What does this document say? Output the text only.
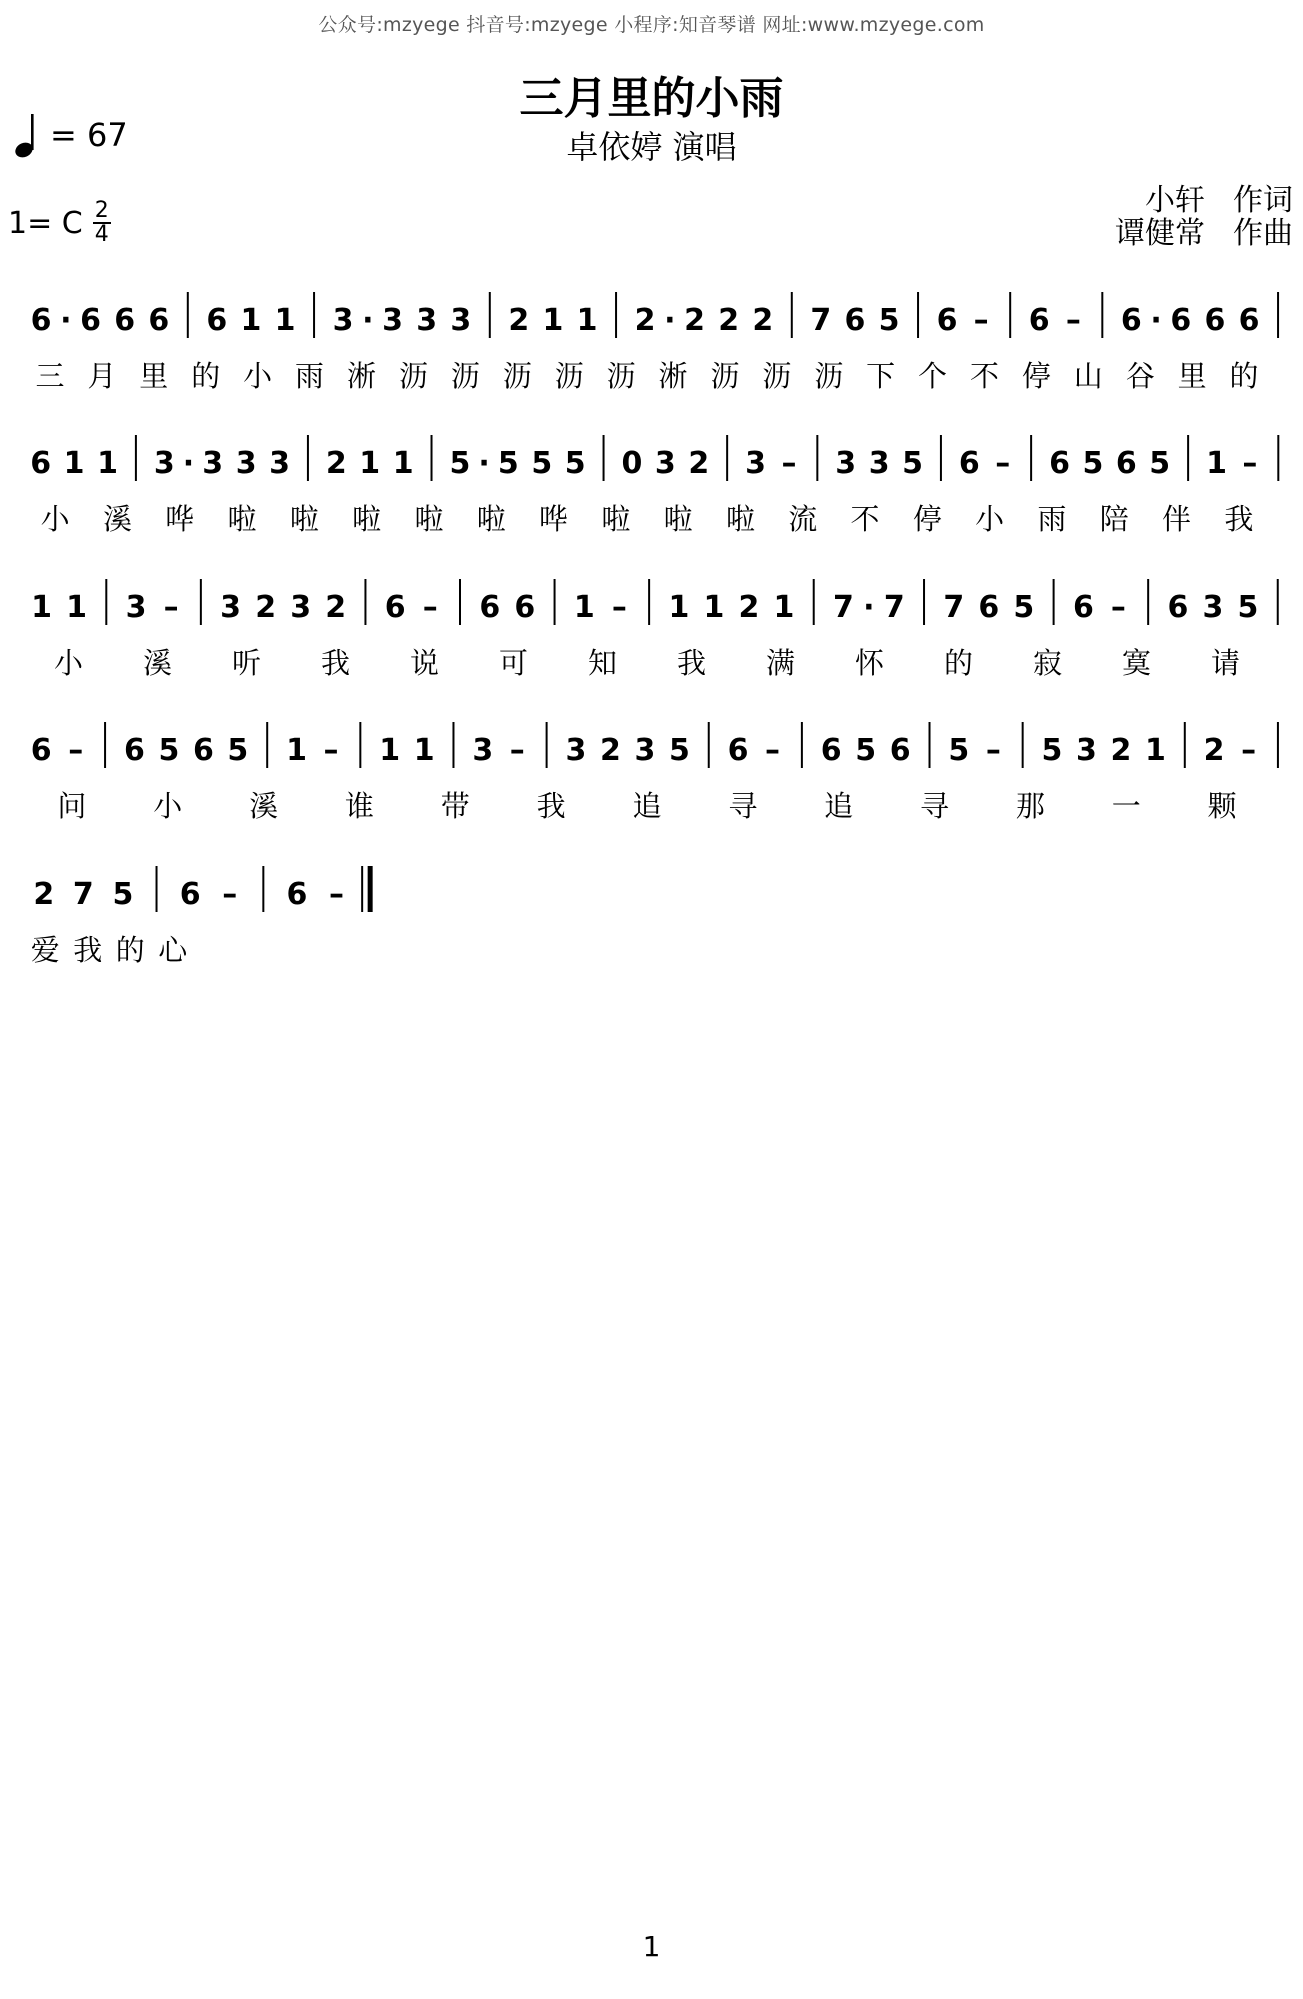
公众号:mzyege 抖音号:mzyege 小程序:知音琴谱 网址:www.mzyege.com
= 67
三月里的小雨
卓依婷 演唱
1= C 2
4
小轩 作词
谭健常 作曲
6 · 6 6 6 6 1 1 3 · 3 3 3 2 1 1 2 · 2 2 2 7 6 5 6 – 6 – 6 · 6 6 6
三 月 里 的 小 雨 淅 沥 沥 沥 沥 沥 淅 沥 沥 沥 下 个 不 停 山 谷 里 的
6 1 1 3 · 3 3 3 2 1 1 5 · 5 5 5 0 3 2 3 – 3 3 5 6 – 6 5 6 5 1 –
小 溪 哗 啦 啦 啦 啦 啦 哗 啦 啦 啦 流 不 停 小 雨 陪 伴 我
1 1 3 – 3 2 3 2 6 – 6 6 1 – 1 1 2 1 7 · 7 7 6 5 6 – 6 3 5
小 溪 听 我 说 可 知 我 满 怀 的 寂 寞 请
6 – 6 5 6 5 1 – 1 1 3 – 3 2 3 5 6 – 6 5 6 5 – 5 3 2 1 2 –
问 小 溪 谁 带 我 追 寻 追 寻 那 一 颗
2 7 5 6 – 6 –
爱 我 的 心
1
